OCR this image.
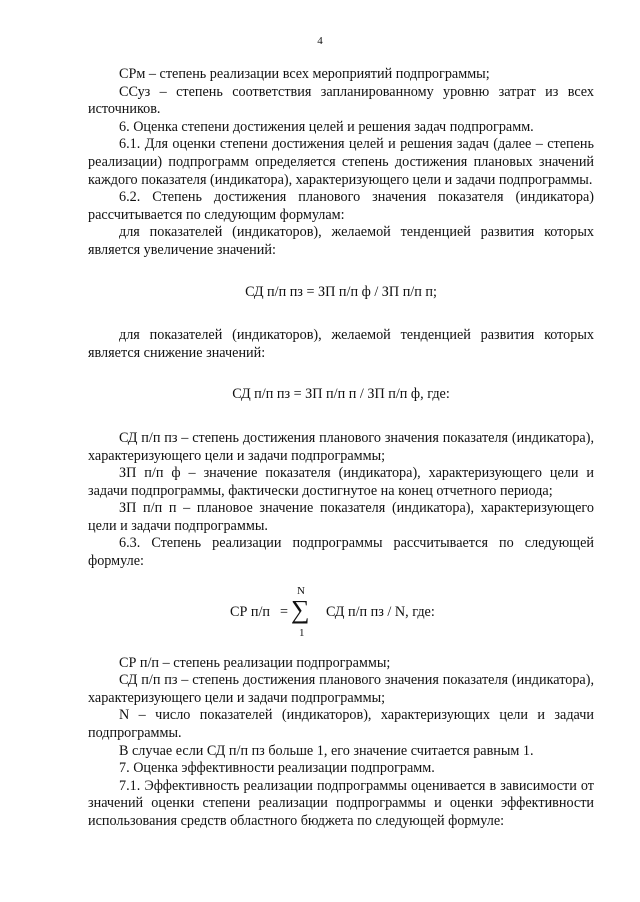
4

СРм – степень реализации всех мероприятий подпрограммы;

ССуз – степень соответствия запланированному уровню затрат из всех источников.

6. Оценка степени достижения целей и решения задач подпрограмм.

6.1. Для оценки степени достижения целей и решения задач (далее – степень реализации) подпрограмм определяется степень достижения плановых значений каждого показателя (индикатора), характеризующего цели и задачи подпрограммы.

6.2. Степень достижения планового значения показателя (индикатора) рассчитывается по следующим формулам:

для показателей (индикаторов), желаемой тенденцией развития которых является увеличение значений:

СД п/п пз = ЗП п/п ф / ЗП п/п п;

для показателей (индикаторов), желаемой тенденцией развития которых является снижение значений:

СД п/п пз = ЗП п/п п / ЗП п/п ф, где:

СД п/п пз – степень достижения планового значения показателя (индикатора), характеризующего цели и задачи подпрограммы;

ЗП п/п ф – значение показателя (индикатора), характеризующего цели и задачи подпрограммы, фактически достигнутое на конец отчетного периода;

ЗП п/п п – плановое значение показателя (индикатора), характеризующего цели и задачи подпрограммы.

6.3. Степень реализации подпрограммы рассчитывается по следующей формуле:

СР п/п =
N
∑
1
СД п/п пз / N, где:

СР п/п – степень реализации подпрограммы;

СД п/п пз – степень достижения планового значения показателя (индикатора), характеризующего цели и задачи подпрограммы;

N – число показателей (индикаторов), характеризующих цели и задачи подпрограммы.

В случае если СД п/п пз больше 1, его значение считается равным 1.

7. Оценка эффективности реализации подпрограмм.

7.1. Эффективность реализации подпрограммы оценивается в зависимости от значений оценки степени реализации подпрограммы и оценки эффективности использования средств областного бюджета по следующей формуле:
